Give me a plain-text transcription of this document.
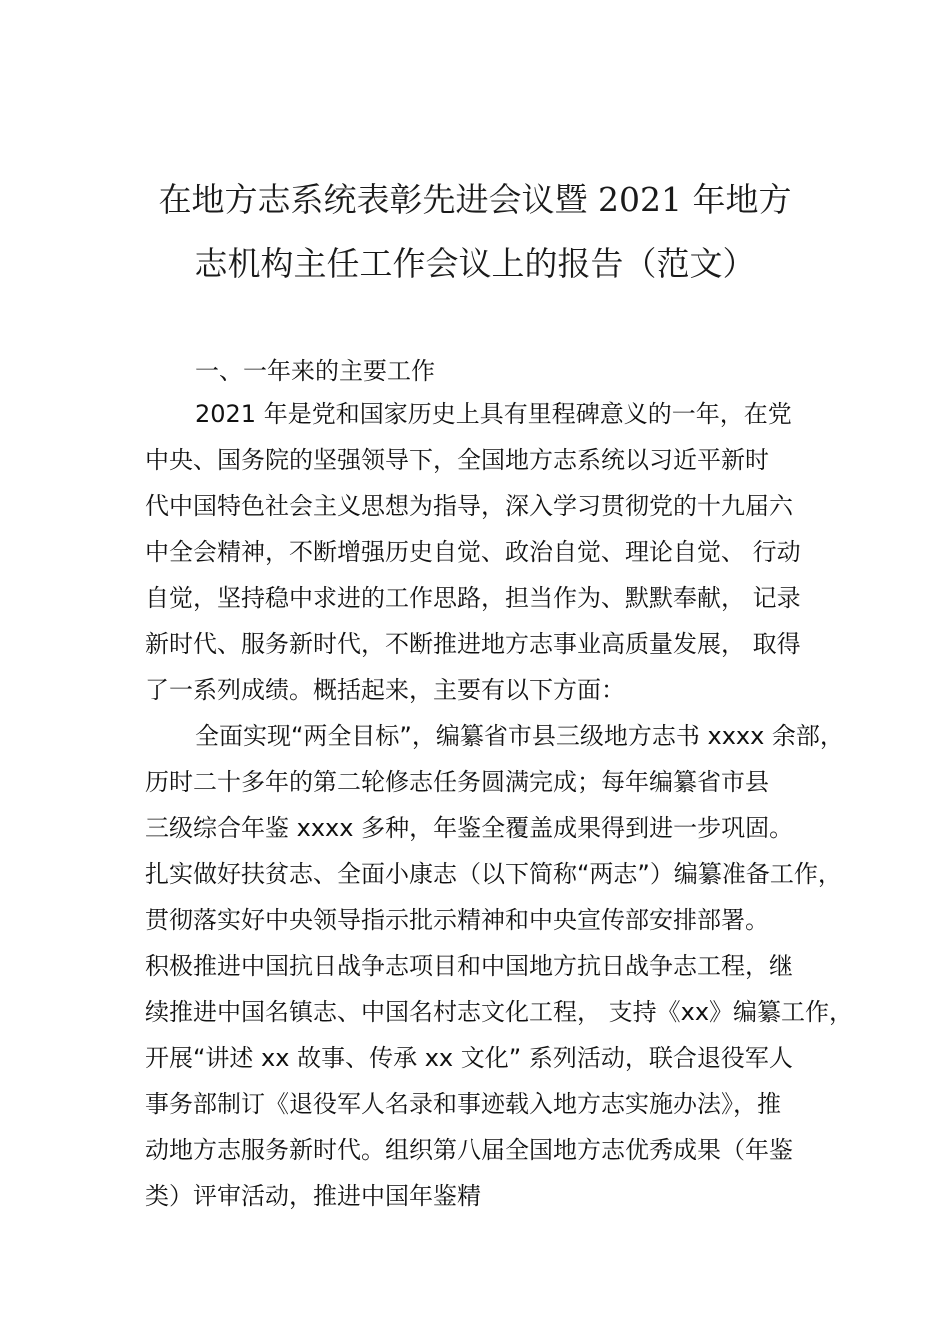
在地方志系统表彰先进会议暨 2021 年地方
志机构主任工作会议上的报告（范文）
一、一年来的主要工作
2021 年是党和国家历史上具有里程碑意义的一年，在党
中央、国务院的坚强领导下，全国地方志系统以习近平新时
代中国特色社会主义思想为指导，深入学习贯彻党的十九届六
中全会精神，不断增强历史自觉、政治自觉、理论自觉、 行动
自觉，坚持稳中求进的工作思路，担当作为、默默奉献， 记录
新时代、服务新时代，不断推进地方志事业高质量发展， 取得
了一系列成绩。概括起来，主要有以下方面：
全面实现“两全目标”，编纂省市县三级地方志书 xxxx 余部，
历时二十多年的第二轮修志任务圆满完成；每年编纂省市县
三级综合年鉴 xxxx 多种，年鉴全覆盖成果得到进一步巩固。
扎实做好扶贫志、全面小康志（以下简称“两志”）编纂准备工作，
贯彻落实好中央领导指示批示精神和中央宣传部安排部署。
积极推进中国抗日战争志项目和中国地方抗日战争志工程，继
续推进中国名镇志、中国名村志文化工程， 支持《xx》编纂工作，
开展“讲述 xx 故事、传承 xx 文化” 系列活动，联合退役军人
事务部制订《退役军人名录和事迹载入地方志实施办法》，推
动地方志服务新时代。组织第八届全国地方志优秀成果（年鉴
类）评审活动，推进中国年鉴精
